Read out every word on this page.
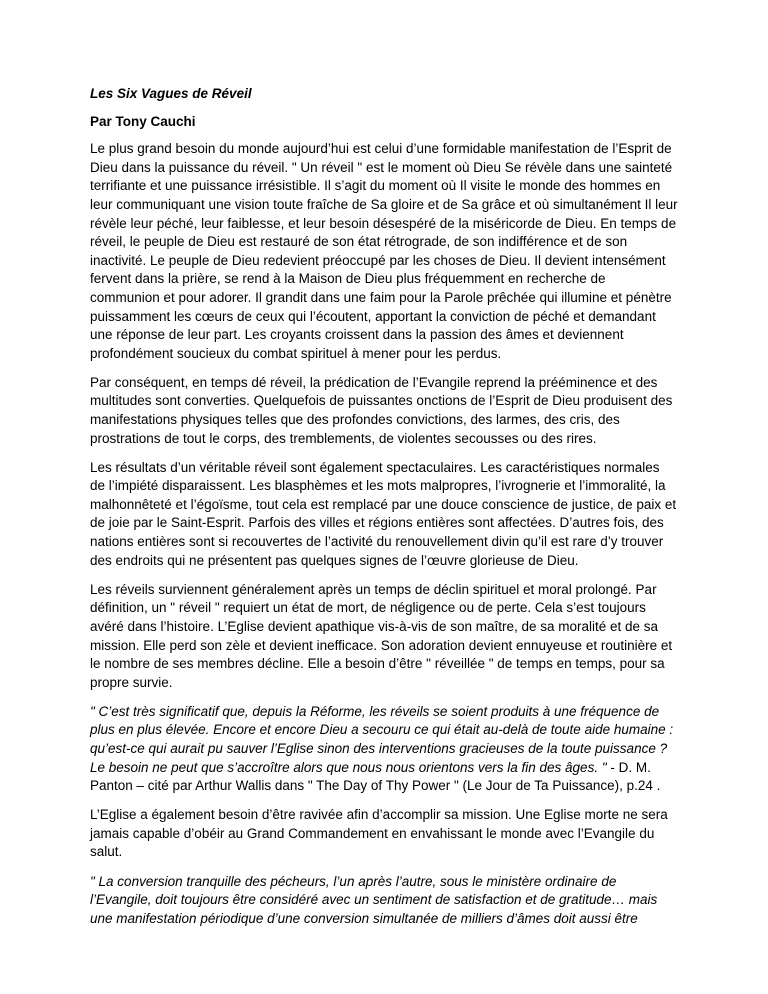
Les Six Vagues de Réveil

Par Tony Cauchi

Le plus grand besoin du monde aujourd’hui est celui d’une formidable manifestation de l’Esprit de Dieu dans la puissance du réveil. " Un réveil " est le moment où Dieu Se révèle dans une sainteté terrifiante et une puissance irrésistible. Il s’agit du moment où Il visite le monde des hommes en leur communiquant une vision toute fraîche de Sa gloire et de Sa grâce et où simultanément Il leur révèle leur péché, leur faiblesse, et leur besoin désespéré de la miséricorde de Dieu. En temps de réveil, le peuple de Dieu est restauré de son état rétrograde, de son indifférence et de son inactivité. Le peuple de Dieu redevient préoccupé par les choses de Dieu. Il devient intensément fervent dans la prière, se rend à la Maison de Dieu plus fréquemment en recherche de communion et pour adorer. Il grandit dans une faim pour la Parole prêchée qui illumine et pénètre puissamment les cœurs de ceux qui l’écoutent, apportant la conviction de péché et demandant une réponse de leur part. Les croyants croissent dans la passion des âmes et deviennent profondément soucieux du combat spirituel à mener pour les perdus.

Par conséquent, en temps dé réveil, la prédication de l’Evangile reprend la prééminence et des multitudes sont converties. Quelquefois de puissantes onctions de l’Esprit de Dieu produisent des manifestations physiques telles que des profondes convictions, des larmes, des cris, des prostrations de tout le corps, des tremblements, de violentes secousses ou des rires.

Les résultats d’un véritable réveil sont également spectaculaires. Les caractéristiques normales de l’impiété disparaissent. Les blasphèmes et les mots malpropres, l’ivrognerie et l’immoralité, la malhonnêteté et l’égoïsme, tout cela est remplacé par une douce conscience de justice, de paix et de joie par le Saint-Esprit. Parfois des villes et régions entières sont affectées. D’autres fois, des nations entières sont si recouvertes de l’activité du renouvellement divin qu’il est rare d’y trouver des endroits qui ne présentent pas quelques signes de l’œuvre glorieuse de Dieu.

Les réveils surviennent généralement après un temps de déclin spirituel et moral prolongé. Par définition, un " réveil " requiert un état de mort, de négligence ou de perte. Cela s’est toujours avéré dans l’histoire. L’Eglise devient apathique vis-à-vis de son maître, de sa moralité et de sa mission. Elle perd son zèle et devient inefficace. Son adoration devient ennuyeuse et routinière et le nombre de ses membres décline. Elle a besoin d’être " réveillée " de temps en temps, pour sa propre survie.

" C’est très significatif que, depuis la Réforme, les réveils se soient produits à une fréquence de plus en plus élevée. Encore et encore Dieu a secouru ce qui était au-delà de toute aide humaine : qu’est-ce qui aurait pu sauver l’Eglise sinon des interventions gracieuses de la toute puissance ? Le besoin ne peut que s’accroître alors que nous nous orientons vers la fin des âges. " - D. M. Panton – cité par Arthur Wallis dans " The Day of Thy Power " (Le Jour de Ta Puissance), p.24 .

L’Eglise a également besoin d’être ravivée afin d’accomplir sa mission. Une Eglise morte ne sera jamais capable d’obéir au Grand Commandement en envahissant le monde avec l’Evangile du salut.

" La conversion tranquille des pécheurs, l’un après l’autre, sous le ministère ordinaire de l’Evangile, doit toujours être considéré avec un sentiment de satisfaction et de gratitude… mais une manifestation périodique d’une conversion simultanée de milliers d’âmes doit aussi être
